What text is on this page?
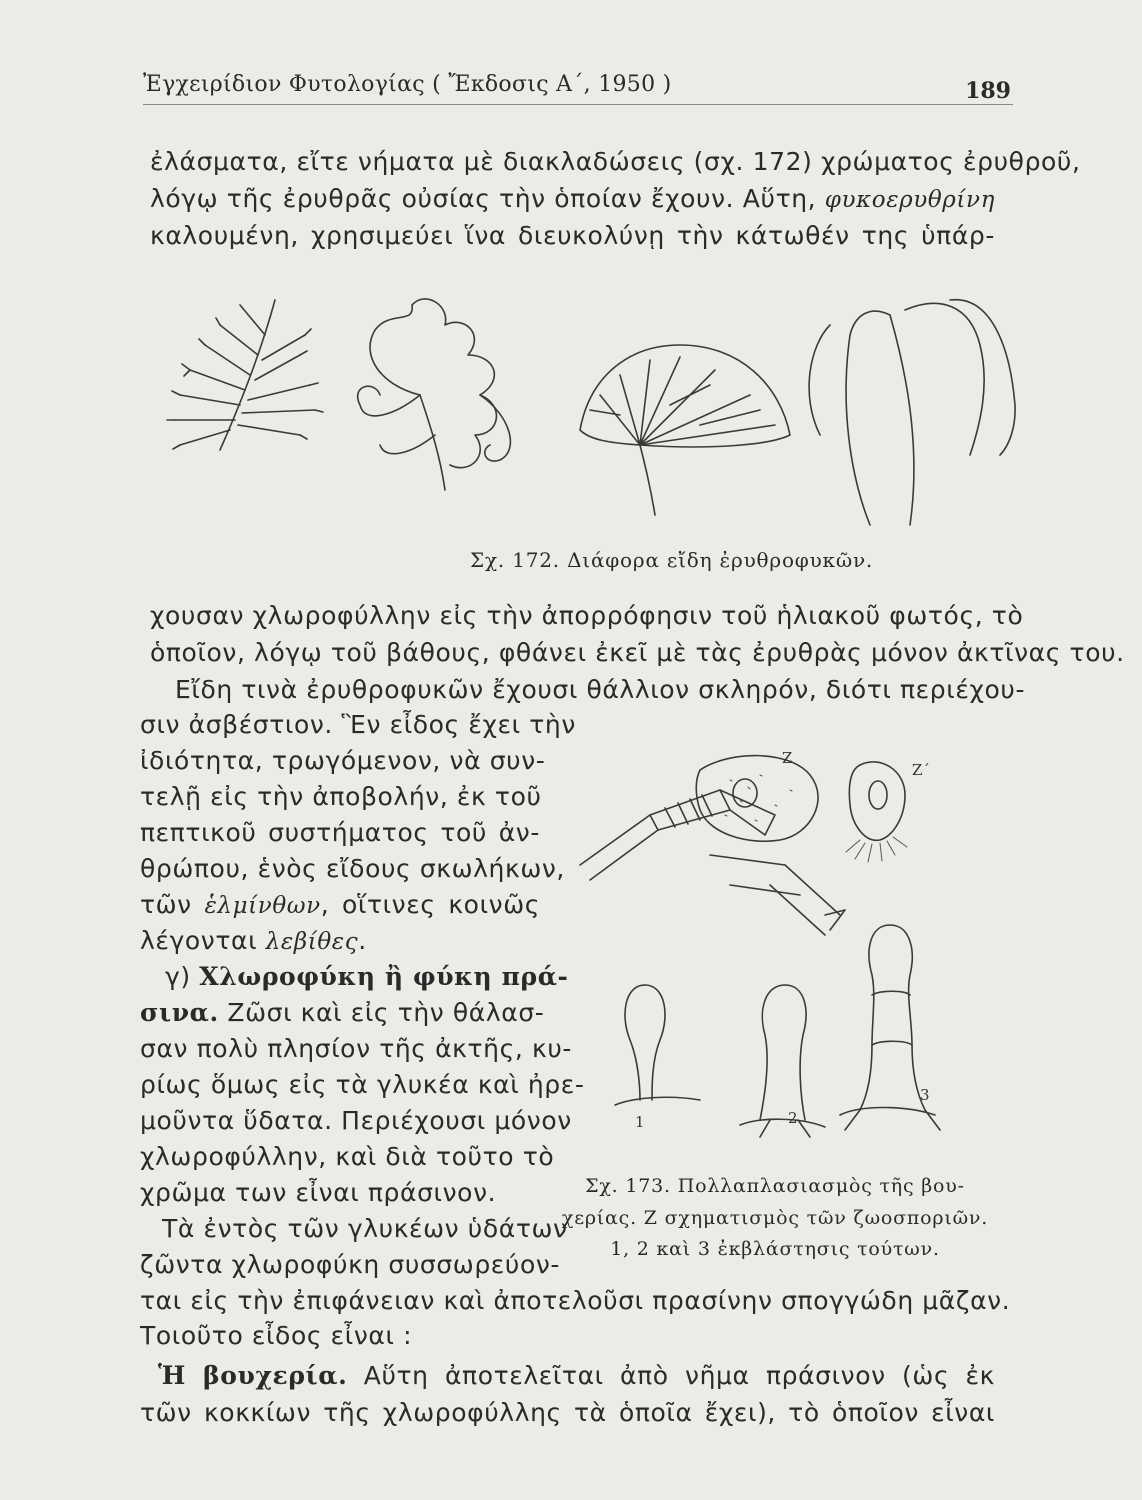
Ἐγχειρίδιον Φυτολογίας ( Ἔκδοσις Α΄, 1950 )	189
ἐλάσματα, εἴτε νήματα μὲ διακλαδώσεις (σχ. 172) χρώματος ἐρυθροῦ,
λόγῳ τῆς ἐρυθρᾶς οὐσίας τὴν ὁποίαν ἔχουν. Αὕτη, φυκοερυθρίνη
καλουμένη, χρησιμεύει ἵνα διευκολύνῃ τὴν κάτωθέν της ὑπάρ-
Σχ. 172. Διάφορα εἴδη ἐρυθροφυκῶν.
χουσαν χλωροφύλλην εἰς τὴν ἀπορρόφησιν τοῦ ἡλιακοῦ φωτός, τὸ
ὁποῖον, λόγῳ τοῦ βάθους, φθάνει ἐκεῖ μὲ τὰς ἐρυθρὰς μόνον ἀκτῖνας του.
Εἴδη τινὰ ἐρυθροφυκῶν ἔχουσι θάλλιον σκληρόν, διότι περιέχου-
σιν ἀσβέστιον. Ἓν εἶδος ἔχει τὴν
ἰδιότητα, τρωγόμενον, νὰ συν-
τελῇ εἰς τὴν ἀποβολήν, ἐκ τοῦ
πεπτικοῦ συστήματος τοῦ ἀν-
θρώπου, ἑνὸς εἴδους σκωλήκων,
τῶν ἑλμίνθων, οἵτινες κοινῶς
λέγονται λεβίθες.
γ) Χλωροφύκη ἢ φύκη πρά-
σινα. Ζῶσι καὶ εἰς τὴν θάλασ-
σαν πολὺ πλησίον τῆς ἀκτῆς, κυ-
ρίως ὅμως εἰς τὰ γλυκέα καὶ ἠρε-
μοῦντα ὕδατα. Περιέχουσι μόνον
χλωροφύλλην, καὶ διὰ τοῦτο τὸ
χρῶμα των εἶναι πράσινον.
Τὰ ἐντὸς τῶν γλυκέων ὑδάτων
ζῶντα χλωροφύκη συσσωρεύον-
Z
Z΄
1	2
3
Σχ. 173. Πολλαπλασιασμὸς τῆς βου-
χερίας. Ζ σχηματισμὸς τῶν ζωοσποριῶν.
1, 2 καὶ 3 ἐκβλάστησις τούτων.
ται εἰς τὴν ἐπιφάνειαν καὶ ἀποτελοῦσι πρασίνην σπογγώδη μᾶζαν.
Τοιοῦτο εἶδος εἶναι :
Ἡ βουχερία. Αὕτη ἀποτελεῖται ἀπὸ νῆμα πράσινον (ὡς ἐκ
τῶν κοκκίων τῆς χλωροφύλλης τὰ ὁποῖα ἔχει), τὸ ὁποῖον εἶναι
